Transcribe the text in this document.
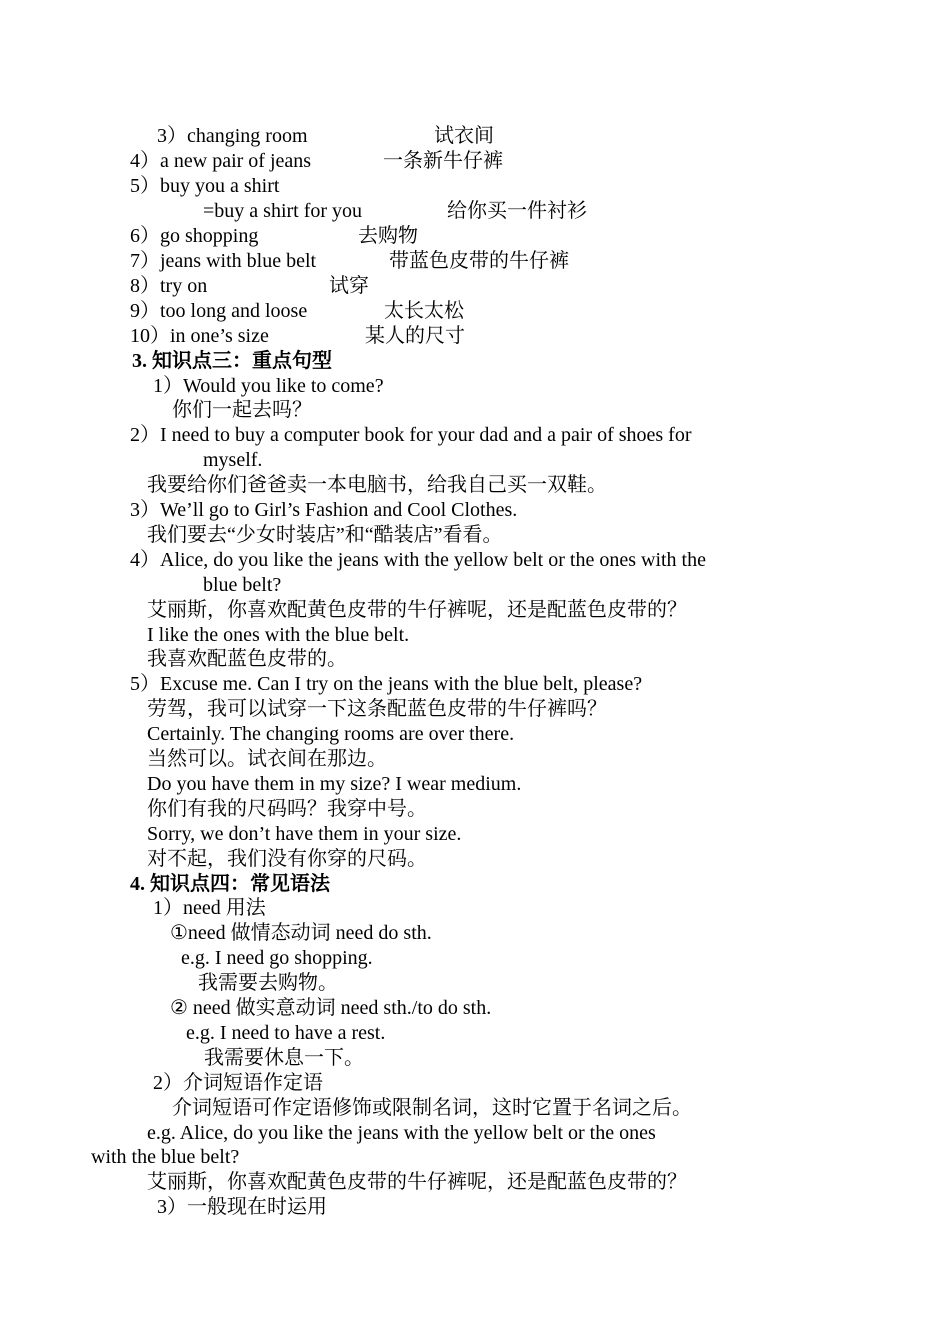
3）changing room	试衣间
4）a new pair of jeans	一条新牛仔裤
5）buy you a shirt
=buy a shirt for you	给你买一件衬衫
6）go shopping	去购物
7）jeans with blue belt	带蓝色皮带的牛仔裤
8）try on	试穿
9）too long and loose	太长太松
10）in one’s size	某人的尺寸
3. 知识点三：重点句型
1）Would you like to come?
你们一起去吗？
2）I need to buy a computer book for your dad and a pair of shoes for
myself.
我要给你们爸爸卖一本电脑书，给我自己买一双鞋。
3）We’ll go to Girl’s Fashion and Cool Clothes.
我们要去“少女时装店”和“酷装店”看看。
4）Alice, do you like the jeans with the yellow belt or the ones with the
blue belt?
艾丽斯，你喜欢配黄色皮带的牛仔裤呢，还是配蓝色皮带的？
I like the ones with the blue belt.
我喜欢配蓝色皮带的。
5）Excuse me. Can I try on the jeans with the blue belt, please?
劳驾，我可以试穿一下这条配蓝色皮带的牛仔裤吗？
Certainly. The changing rooms are over there.
当然可以。试衣间在那边。
Do you have them in my size? I wear medium.
你们有我的尺码吗？我穿中号。
Sorry, we don’t have them in your size.
对不起，我们没有你穿的尺码。
4. 知识点四：常见语法
1）need 用法
①need 做情态动词 need do sth.
e.g. I need go shopping.
我需要去购物。
② need 做实意动词 need sth./to do sth.
e.g. I need to have a rest.
我需要休息一下。
2）介词短语作定语
介词短语可作定语修饰或限制名词，这时它置于名词之后。
e.g. Alice, do you like the jeans with the yellow belt or the ones
with the blue belt?
艾丽斯，你喜欢配黄色皮带的牛仔裤呢，还是配蓝色皮带的？
3）一般现在时运用
